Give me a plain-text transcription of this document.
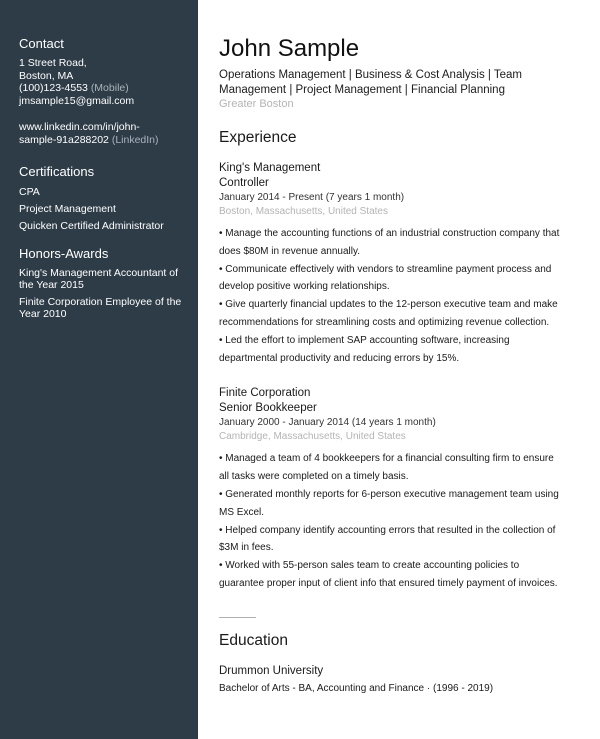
Contact
1 Street Road,
Boston, MA
(100)123-4553 (Mobile)
jmsample15@gmail.com
www.linkedin.com/in/john-
sample-91a288202 (LinkedIn)
Certifications
CPA
Project Management
Quicken Certified Administrator
Honors-Awards
King's Management Accountant of
the Year 2015
Finite Corporation Employee of the
Year 2010
John Sample
Operations Management | Business & Cost Analysis | Team
Management | Project Management | Financial Planning
Greater Boston
Experience
King's Management
Controller
January 2014 - Present (7 years 1 month)
Boston, Massachusetts, United States
• Manage the accounting functions of an industrial construction company that
does $80M in revenue annually.
• Communicate effectively with vendors to streamline payment process and
develop positive working relationships.
• Give quarterly financial updates to the 12-person executive team and make
recommendations for streamlining costs and optimizing revenue collection.
• Led the effort to implement SAP accounting software, increasing
departmental productivity and reducing errors by 15%.
Finite Corporation
Senior Bookkeeper
January 2000 - January 2014 (14 years 1 month)
Cambridge, Massachusetts, United States
• Managed a team of 4 bookkeepers for a financial consulting firm to ensure
all tasks were completed on a timely basis.
• Generated monthly reports for 6-person executive management team using
MS Excel.
• Helped company identify accounting errors that resulted in the collection of
$3M in fees.
• Worked with 55-person sales team to create accounting policies to
guarantee proper input of client info that ensured timely payment of invoices.
Education
Drummon University
Bachelor of Arts - BA, Accounting and Finance · (1996 - 2019)
